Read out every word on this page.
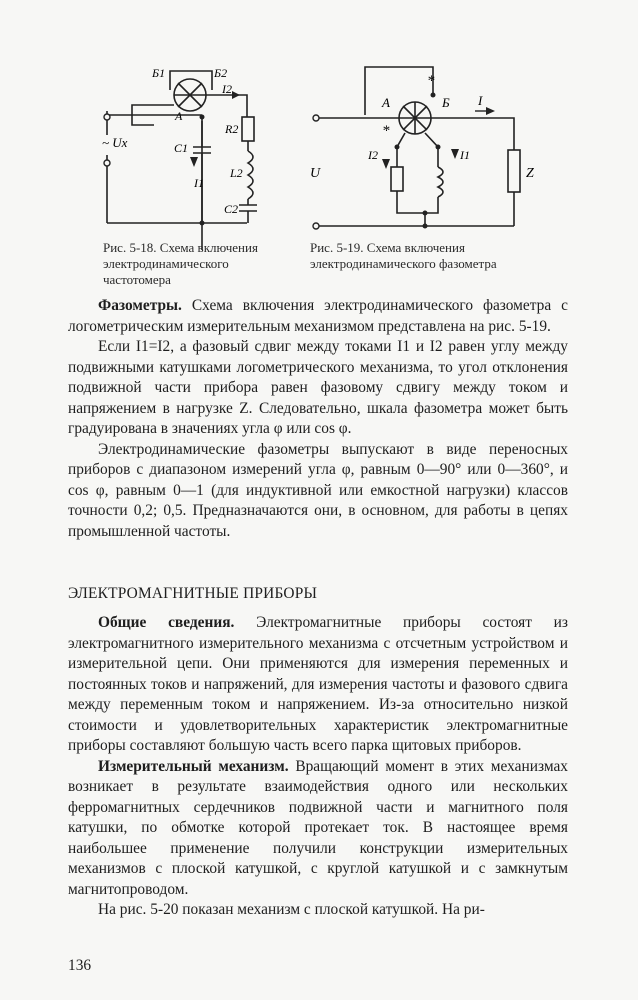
Б1	Б2
A
I2
~ Ux	C1
I1
R2
L2
C2
Рис. 5-18. Схема включения электродинамического частотомера
A	Б
*
*
I
U
I2	I1
Z
Рис. 5-19. Схема включения электродинамического фазометра

Фазометры. Схема включения электродинамического фазометра с логометрическим измерительным механизмом представлена на рис. 5-19.

Если I1=I2, а фазовый сдвиг между токами I1 и I2 равен углу между подвижными катушками логометрического механизма, то угол отклонения подвижной части прибора равен фазовому сдвигу между током и напряжением в нагрузке Z. Следовательно, шкала фазометра может быть градуирована в значениях угла φ или cos φ.

Электродинамические фазометры выпускают в виде переносных приборов с диапазоном измерений угла φ, равным 0—90° или 0—360°, и cos φ, равным 0—1 (для индуктивной или емкостной нагрузки) классов точности 0,2; 0,5. Предназначаются они, в основном, для работы в цепях промышленной частоты.

ЭЛЕКТРОМАГНИТНЫЕ ПРИБОРЫ

Общие сведения. Электромагнитные приборы состоят из электромагнитного измерительного механизма с отсчетным устройством и измерительной цепи. Они применяются для измерения переменных и постоянных токов и напряжений, для измерения частоты и фазового сдвига между переменным током и напряжением. Из-за относительно низкой стоимости и удовлетворительных характеристик электромагнитные приборы составляют большую часть всего парка щитовых приборов.

Измерительный механизм. Вращающий момент в этих механизмах возникает в результате взаимодействия одного или нескольких ферромагнитных сердечников подвижной части и магнитного поля катушки, по обмотке которой протекает ток. В настоящее время наибольшее применение получили конструкции измерительных механизмов с плоской катушкой, с круглой катушкой и с замкнутым магнитопроводом.

На рис. 5-20 показан механизм с плоской катушкой. На ри-

136
